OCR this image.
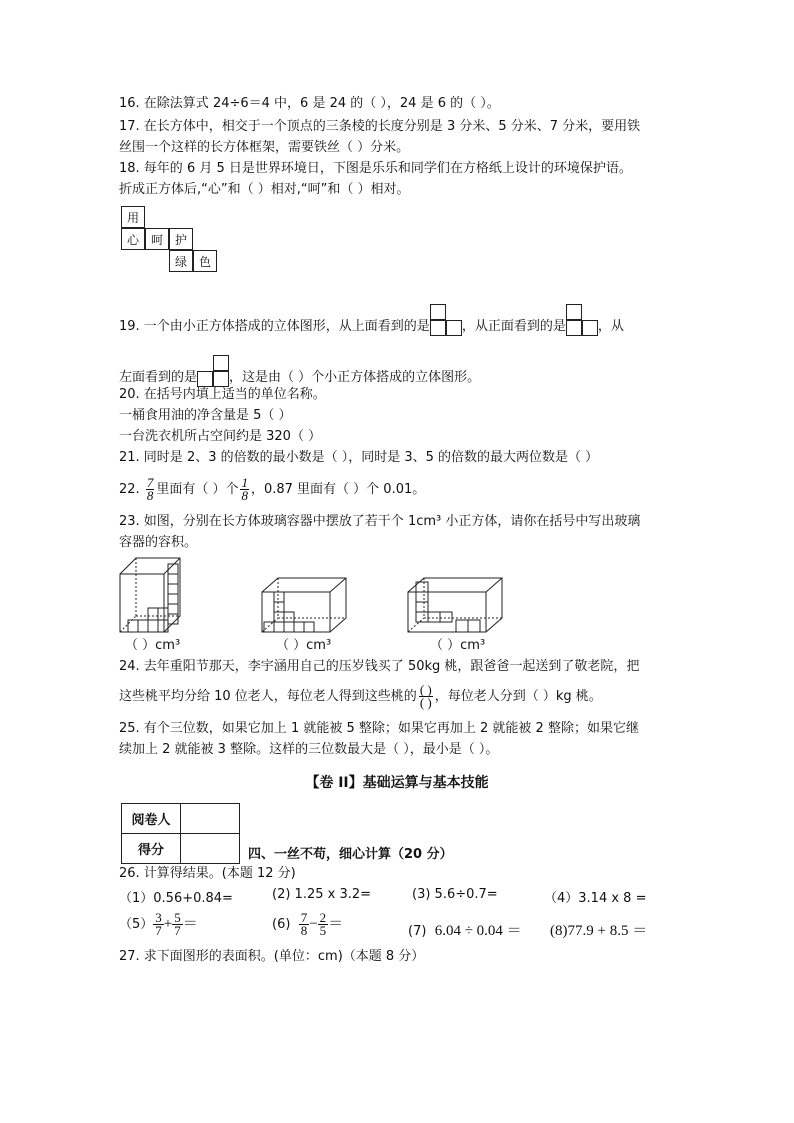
16. 在除法算式 24÷6＝4 中，6 是 24 的（ ），24 是 6 的（ ）。
17. 在长方体中，相交于一个顶点的三条棱的长度分别是 3 分米、5 分米、7 分米，要用铁
丝围一个这样的长方体框架，需要铁丝（ ）分米。
18. 每年的 6 月 5 日是世界环境日，下图是乐乐和同学们在方格纸上设计的环境保护语。
折成正方体后,“心”和（ ）相对,“呵”和（ ）相对。
用
心 呵 护
绿 色
19. 一个由小正方体搭成的立体图形，从上面看到的是 ，从正面看到的是 ，从
左面看到的是 ，这是由（ ）个小正方体搭成的立体图形。
20. 在括号内填上适当的单位名称。
一桶食用油的净含量是 5（ ）
一台洗衣机所占空间约是 320（ ）
21. 同时是 2、3 的倍数的最小数是（ ），同时是 3、5 的倍数的最大两位数是（ ）
22. $\frac{7}{8}$ 里面有（ ）个 $\frac{1}{8}$ ，0.87 里面有（ ）个 0.01。
23. 如图，分别在长方体玻璃容器中摆放了若干个 1cm³ 小正方体，请你在括号中写出玻璃
容器的容积。
（ ）cm³	（ ）cm³	（ ）cm³
24. 去年重阳节那天，李宇涵用自己的压岁钱买了 50kg 桃，跟爸爸一起送到了敬老院，把
这些桃平均分给 10 位老人，每位老人得到这些桃的 $\frac{( )}{( )}$ ，每位老人分到（ ）kg 桃。
25. 有个三位数，如果它加上 1 就能被 5 整除；如果它再加上 2 就能被 2 整除；如果它继
续加上 2 就能被 3 整除。这样的三位数最大是（ ），最小是（ ）。
【卷 II】基础运算与基本技能
阅卷人	
得分		四、一丝不苟，细心计算（20 分）
26. 计算得结果。(本题 12 分)
（1）0.56+0.84=	(2) 1.25 x 3.2=	(3) 5.6÷0.7=	（4）3.14 x 8 =
$(5) \frac{3}{7} + \frac{5}{7}$ ＝	$(6) \frac{7}{8} - \frac{2}{5}$ ＝	(7) 6.04 ÷ 0.04 ＝ (8)77.9 + 8.5 ＝
27. 求下面图形的表面积。(单位：cm)（本题 8 分）
